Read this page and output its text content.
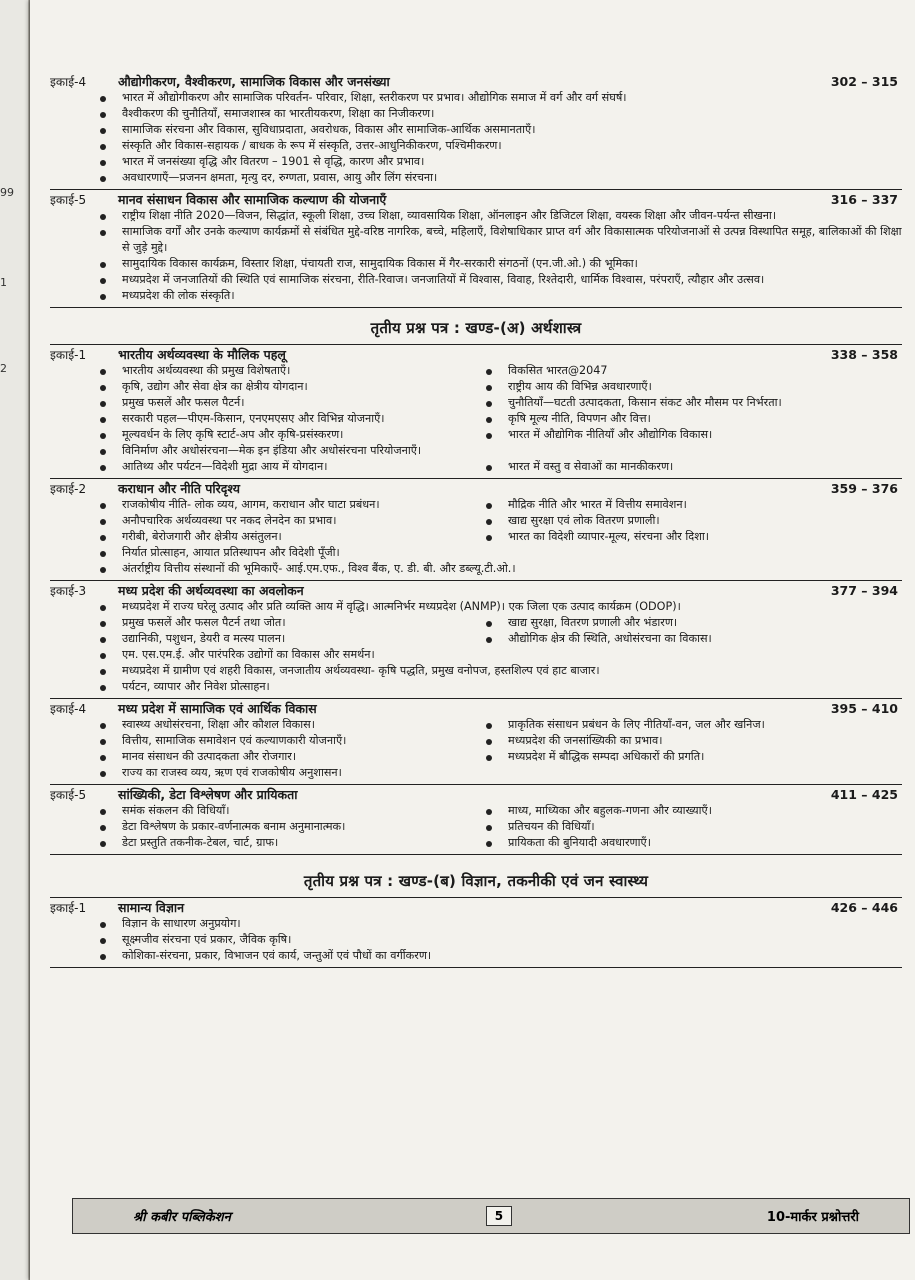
99
1
2
इकाई-4	औद्योगीकरण, वैश्वीकरण, सामाजिक विकास और जनसंख्या	302 – 315
भारत में औद्योगीकरण और सामाजिक परिवर्तन- परिवार, शिक्षा, स्तरीकरण पर प्रभाव। औद्योगिक समाज में वर्ग और वर्ग संघर्ष।
वैश्वीकरण की चुनौतियाँ, समाजशास्त्र का भारतीयकरण, शिक्षा का निजीकरण।
सामाजिक संरचना और विकास, सुविधाप्रदाता, अवरोधक, विकास और सामाजिक-आर्थिक असमानताएँ।
संस्कृति और विकास-सहायक / बाधक के रूप में संस्कृति, उत्तर-आधुनिकीकरण, पश्चिमीकरण।
भारत में जनसंख्या वृद्धि और वितरण – 1901 से वृद्धि, कारण और प्रभाव।
अवधारणाएँ—प्रजनन क्षमता, मृत्यु दर, रुग्णता, प्रवास, आयु और लिंग संरचना।
इकाई-5	मानव संसाधन विकास और सामाजिक कल्याण की योजनाएँ	316 – 337
राष्ट्रीय शिक्षा नीति 2020—विजन, सिद्धांत, स्कूली शिक्षा, उच्च शिक्षा, व्यावसायिक शिक्षा, ऑनलाइन और डिजिटल शिक्षा, वयस्क शिक्षा और जीवन-पर्यन्त सीखना।
सामाजिक वर्गों और उनके कल्याण कार्यक्रमों से संबंधित मुद्दे-वरिष्ठ नागरिक, बच्चे, महिलाएँ, विशेषाधिकार प्राप्त वर्ग और विकासात्मक परियोजनाओं से उत्पन्न विस्थापित समूह, बालिकाओं की शिक्षा से जुड़े मुद्दे।
सामुदायिक विकास कार्यक्रम, विस्तार शिक्षा, पंचायती राज, सामुदायिक विकास में गैर-सरकारी संगठनों (एन.जी.ओ.) की भूमिका।
मध्यप्रदेश में जनजातियों की स्थिति एवं सामाजिक संरचना, रीति-रिवाज। जनजातियों में विश्वास, विवाह, रिश्तेदारी, धार्मिक विश्वास, परंपराएँ, त्यौहार और उत्सव।
मध्यप्रदेश की लोक संस्कृति।
तृतीय प्रश्न पत्र : खण्ड-(अ) अर्थशास्त्र
इकाई-1	भारतीय अर्थव्यवस्था के मौलिक पहलू	338 – 358
भारतीय अर्थव्यवस्था की प्रमुख विशेषताएँ।	विकसित भारत@2047
कृषि, उद्योग और सेवा क्षेत्र का क्षेत्रीय योगदान।	राष्ट्रीय आय की विभिन्न अवधारणाएँ।
प्रमुख फसलें और फसल पैटर्न।	चुनौतियाँ—घटती उत्पादकता, किसान संकट और मौसम पर निर्भरता।
सरकारी पहल—पीएम-किसान, एनएमएसए और विभिन्न योजनाएँ।	कृषि मूल्य नीति, विपणन और वित्त।
मूल्यवर्धन के लिए कृषि स्टार्ट-अप और कृषि-प्रसंस्करण।	भारत में औद्योगिक नीतियाँ और औद्योगिक विकास।
विनिर्माण और अधोसंरचना—मेक इन इंडिया और अधोसंरचना परियोजनाएँ।
आतिथ्य और पर्यटन—विदेशी मुद्रा आय में योगदान।	भारत में वस्तु व सेवाओं का मानकीकरण।
इकाई-2	कराधान और नीति परिदृश्य	359 – 376
राजकोषीय नीति- लोक व्यय, आगम, कराधान और घाटा प्रबंधन।	मौद्रिक नीति और भारत में वित्तीय समावेशन।
अनौपचारिक अर्थव्यवस्था पर नकद लेनदेन का प्रभाव।	खाद्य सुरक्षा एवं लोक वितरण प्रणाली।
गरीबी, बेरोजगारी और क्षेत्रीय असंतुलन।	भारत का विदेशी व्यापार-मूल्य, संरचना और दिशा।
निर्यात प्रोत्साहन, आयात प्रतिस्थापन और विदेशी पूँजी।
अंतर्राष्ट्रीय वित्तीय संस्थानों की भूमिकाएँ- आई.एम.एफ., विश्व बैंक, ए. डी. बी. और डब्ल्यू.टी.ओ.।
इकाई-3	मध्य प्रदेश की अर्थव्यवस्था का अवलोकन	377 – 394
मध्यप्रदेश में राज्य घरेलू उत्पाद और प्रति व्यक्ति आय में वृद्धि। आत्मनिर्भर मध्यप्रदेश (ANMP)। एक जिला एक उत्पाद कार्यक्रम (ODOP)।
प्रमुख फसलें और फसल पैटर्न तथा जोत।	खाद्य सुरक्षा, वितरण प्रणाली और भंडारण।
उद्यानिकी, पशुधन, डेयरी व मत्स्य पालन।	औद्योगिक क्षेत्र की स्थिति, अधोसंरचना का विकास।
एम. एस.एम.ई. और पारंपरिक उद्योगों का विकास और समर्थन।
मध्यप्रदेश में ग्रामीण एवं शहरी विकास, जनजातीय अर्थव्यवस्था- कृषि पद्धति, प्रमुख वनोपज, हस्तशिल्प एवं हाट बाजार।
पर्यटन, व्यापार और निवेश प्रोत्साहन।
इकाई-4	मध्य प्रदेश में सामाजिक एवं आर्थिक विकास	395 – 410
स्वास्थ्य अधोसंरचना, शिक्षा और कौशल विकास।	प्राकृतिक संसाधन प्रबंधन के लिए नीतियाँ-वन, जल और खनिज।
वित्तीय, सामाजिक समावेशन एवं कल्याणकारी योजनाएँ।	मध्यप्रदेश की जनसांख्यिकी का प्रभाव।
मानव संसाधन की उत्पादकता और रोजगार।	मध्यप्रदेश में बौद्धिक सम्पदा अधिकारों की प्रगति।
राज्य का राजस्व व्यय, ऋण एवं राजकोषीय अनुशासन।
इकाई-5	सांख्यिकी, डेटा विश्लेषण और प्रायिकता	411 – 425
समंक संकलन की विधियाँ।	माध्य, माध्यिका और बहुलक-गणना और व्याख्याएँ।
डेटा विश्लेषण के प्रकार-वर्णनात्मक बनाम अनुमानात्मक।	प्रतिचयन की विधियाँ।
डेटा प्रस्तुति तकनीक-टेबल, चार्ट, ग्राफ।	प्रायिकता की बुनियादी अवधारणाएँ।
तृतीय प्रश्न पत्र : खण्ड-(ब) विज्ञान, तकनीकी एवं जन स्वास्थ्य
इकाई-1	सामान्य विज्ञान	426 – 446
विज्ञान के साधारण अनुप्रयोग।
सूक्ष्मजीव संरचना एवं प्रकार, जैविक कृषि।
कोशिका-संरचना, प्रकार, विभाजन एवं कार्य, जन्तुओं एवं पौधों का वर्गीकरण।
श्री कबीर पब्लिकेशन	5	10-मार्कर प्रश्नोत्तरी
